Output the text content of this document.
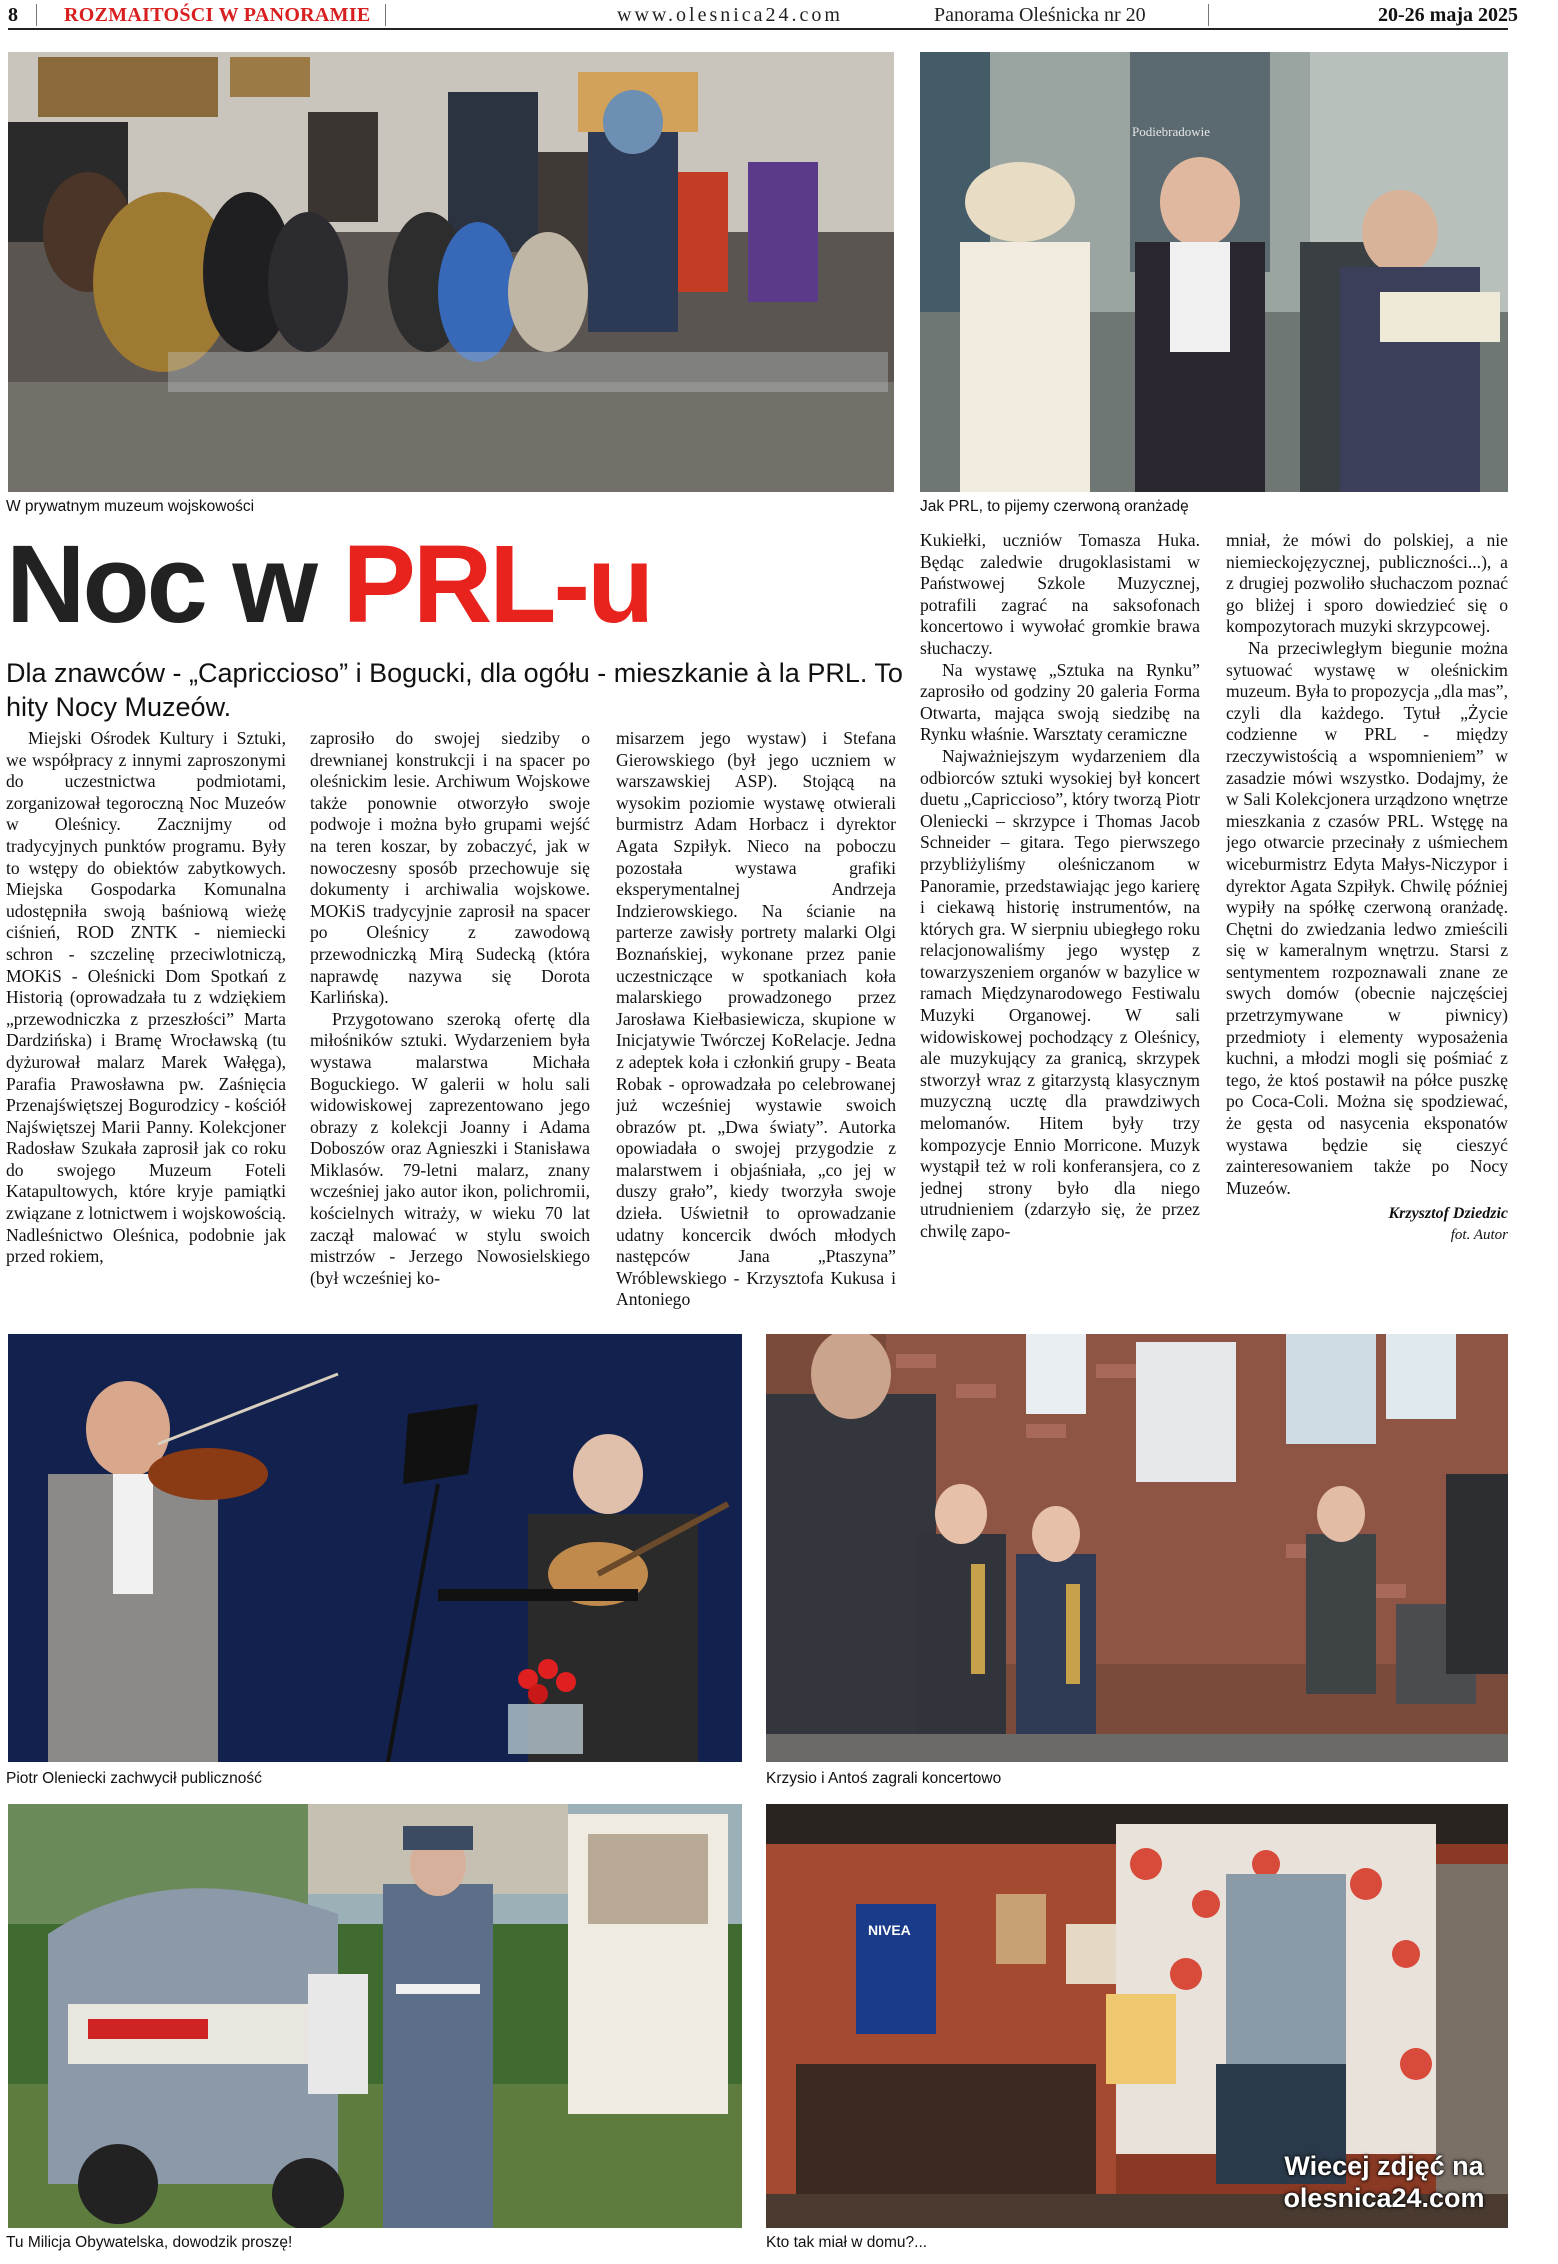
8 ROZMAITOŚCI W PANORAMIE	www.olesnica24.com	Panorama Oleśnicka nr 20	20-26 maja 2025
W prywatnym muzeum wojskowości
Podiebradowie
Jak PRL, to pijemy czerwoną oranżadę
Noc w PRL-u
Dla znawców - „Capriccioso” i Bogucki, dla ogółu - mieszkanie à la PRL. To hity Nocy Muzeów.

Miejski Ośrodek Kultury i Sztuki, we współpracy z innymi zaproszonymi do uczestnictwa podmiotami, zorganizował tegoroczną Noc Muzeów w Oleśnicy. Zacznijmy od tradycyjnych punktów programu. Były to wstępy do obiektów zabytkowych. Miejska Gospodarka Komunalna udostępniła swoją baśniową wieżę ciśnień, ROD ZNTK - niemiecki schron - szczelinę przeciwlotniczą, MOKiS - Oleśnicki Dom Spotkań z Historią (oprowadzała tu z wdziękiem „przewodniczka z przeszłości” Marta Dardzińska) i Bramę Wrocławską (tu dyżurował malarz Marek Wałęga), Parafia Prawosławna pw. Zaśnięcia Przenajświętszej Bogurodzicy - kościół Najświętszej Marii Panny. Kolekcjoner Radosław Szukała zaprosił jak co roku do swojego Muzeum Foteli Katapultowych, które kryje pamiątki związane z lotnictwem i wojskowością. Nadleśnictwo Oleśnica, podobnie jak przed rokiem,

zaprosiło do swojej siedziby o drewnianej konstrukcji i na spacer po oleśnickim lesie. Archiwum Wojskowe także ponownie otworzyło swoje podwoje i można było grupami wejść na teren koszar, by zobaczyć, jak w nowoczesny sposób przechowuje się dokumenty i archiwalia wojskowe. MOKiS tradycyjnie zaprosił na spacer po Oleśnicy z zawodową przewodniczką Mirą Sudecką (która naprawdę nazywa się Dorota Karlińska).

Przygotowano szeroką ofertę dla miłośników sztuki. Wydarzeniem była wystawa malarstwa Michała Boguckiego. W galerii w holu sali widowiskowej zaprezentowano jego obrazy z kolekcji Joanny i Adama Doboszów oraz Agnieszki i Stanisława Miklasów. 79-letni malarz, znany wcześniej jako autor ikon, polichromii, kościelnych witraży, w wieku 70 lat zaczął malować w stylu swoich mistrzów - Jerzego Nowosielskiego (był wcześniej ko-

misarzem jego wystaw) i Stefana Gierowskiego (był jego uczniem w warszawskiej ASP). Stojącą na wysokim poziomie wystawę otwierali burmistrz Adam Horbacz i dyrektor Agata Szpiłyk. Nieco na poboczu pozostała wystawa grafiki eksperymentalnej Andrzeja Indzierowskiego. Na ścianie na parterze zawisły portrety malarki Olgi Boznańskiej, wykonane przez panie uczestniczące w spotkaniach koła malarskiego prowadzonego przez Jarosława Kiełbasiewicza, skupione w Inicjatywie Twórczej KoRelacje. Jedna z adeptek koła i członkiń grupy - Beata Robak - oprowadzała po celebrowanej już wcześniej wystawie swoich obrazów pt. „Dwa światy”. Autorka opowiadała o swojej przygodzie z malarstwem i objaśniała, „co jej w duszy grało”, kiedy tworzyła swoje dzieła. Uświetnił to oprowadzanie udatny koncercik dwóch młodych następców Jana „Ptaszyna” Wróblewskiego - Krzysztofa Kukusa i Antoniego

Kukiełki, uczniów Tomasza Huka. Będąc zaledwie drugoklasistami w Państwowej Szkole Muzycznej, potrafili zagrać na saksofonach koncertowo i wywołać gromkie brawa słuchaczy.

Na wystawę „Sztuka na Rynku” zaprosiło od godziny 20 galeria Forma Otwarta, mająca swoją siedzibę na Rynku właśnie. Warsztaty ceramiczne

Najważniejszym wydarzeniem dla odbiorców sztuki wysokiej był koncert duetu „Capriccioso”, który tworzą Piotr Oleniecki – skrzypce i Thomas Jacob Schneider – gitara. Tego pierwszego przybliżyliśmy oleśniczanom w Panoramie, przedstawiając jego karierę i ciekawą historię instrumentów, na których gra. W sierpniu ubiegłego roku relacjonowaliśmy jego występ z towarzyszeniem organów w bazylice w ramach Międzynarodowego Festiwalu Muzyki Organowej. W sali widowiskowej pochodzący z Oleśnicy, ale muzykujący za granicą, skrzypek stworzył wraz z gitarzystą klasycznym muzyczną ucztę dla prawdziwych melomanów. Hitem były trzy kompozycje Ennio Morricone. Muzyk wystąpił też w roli konferansjera, co z jednej strony było dla niego utrudnieniem (zdarzyło się, że przez chwilę zapo-

mniał, że mówi do polskiej, a nie niemieckojęzycznej, publiczności...), a z drugiej pozwoliło słuchaczom poznać go bliżej i sporo dowiedzieć się o kompozytorach muzyki skrzypcowej.

Na przeciwległym biegunie można sytuować wystawę w oleśnickim muzeum. Była to propozycja „dla mas”, czyli dla każdego. Tytuł „Życie codzienne w PRL - między rzeczywistością a wspomnieniem” w zasadzie mówi wszystko. Dodajmy, że w Sali Kolekcjonera urządzono wnętrze mieszkania z czasów PRL. Wstęgę na jego otwarcie przecinały z uśmiechem wiceburmistrz Edyta Małys-Niczypor i dyrektor Agata Szpiłyk. Chwilę później wypiły na spółkę czerwoną oranżadę. Chętni do zwiedzania ledwo zmieścili się w kameralnym wnętrzu. Starsi z sentymentem rozpoznawali znane ze swych domów (obecnie najczęściej przetrzymywane w piwnicy) przedmioty i elementy wyposażenia kuchni, a młodzi mogli się pośmiać z tego, że ktoś postawił na półce puszkę po Coca-Coli. Można się spodziewać, że gęsta od nasycenia eksponatów wystawa będzie się cieszyć zainteresowaniem także po Nocy Muzeów.

Krzysztof Dziedzic

fot. Autor

Piotr Oleniecki zachwycił publiczność	Krzysio i Antoś zagrali koncertowo
Tu Milicja Obywatelska, dowodzik proszę!
NIVEA
Wiecej zdjęć na
olesnica24.com
Kto tak miał w domu?...
